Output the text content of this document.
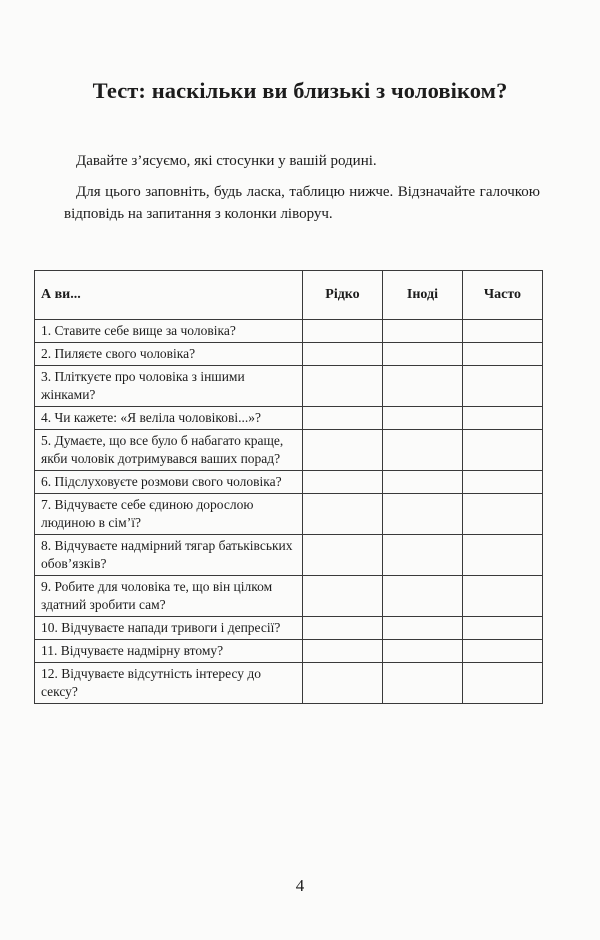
Тест: наскільки ви близькі з чоловіком?
Давайте з’ясуємо, які стосунки у вашій родині.
Для цього заповніть, будь ласка, таблицю нижче. Відзначайте галочкою відповідь на запитання з колонки ліворуч.
А ви...	Рідко	Іноді	Часто
1. Ставите себе вище за чоловіка?			
2. Пиляєте свого чоловіка?			
3. Пліткуєте про чоловіка з іншими жінками?			
4. Чи кажете: «Я веліла чоловікові...»?			
5. Думаєте, що все було б набагато краще, якби чоловік дотримувався ваших порад?			
6. Підслуховуєте розмови свого чоловіка?			
7. Відчуваєте себе єдиною дорослою людиною в сім’ї?			
8. Відчуваєте надмірний тягар батьківських обов’язків?			
9. Робите для чоловіка те, що він цілком здатний зробити сам?			
10. Відчуваєте напади тривоги і депресії?			
11. Відчуваєте надмірну втому?			
12. Відчуваєте відсутність інтересу до сексу?			
4
